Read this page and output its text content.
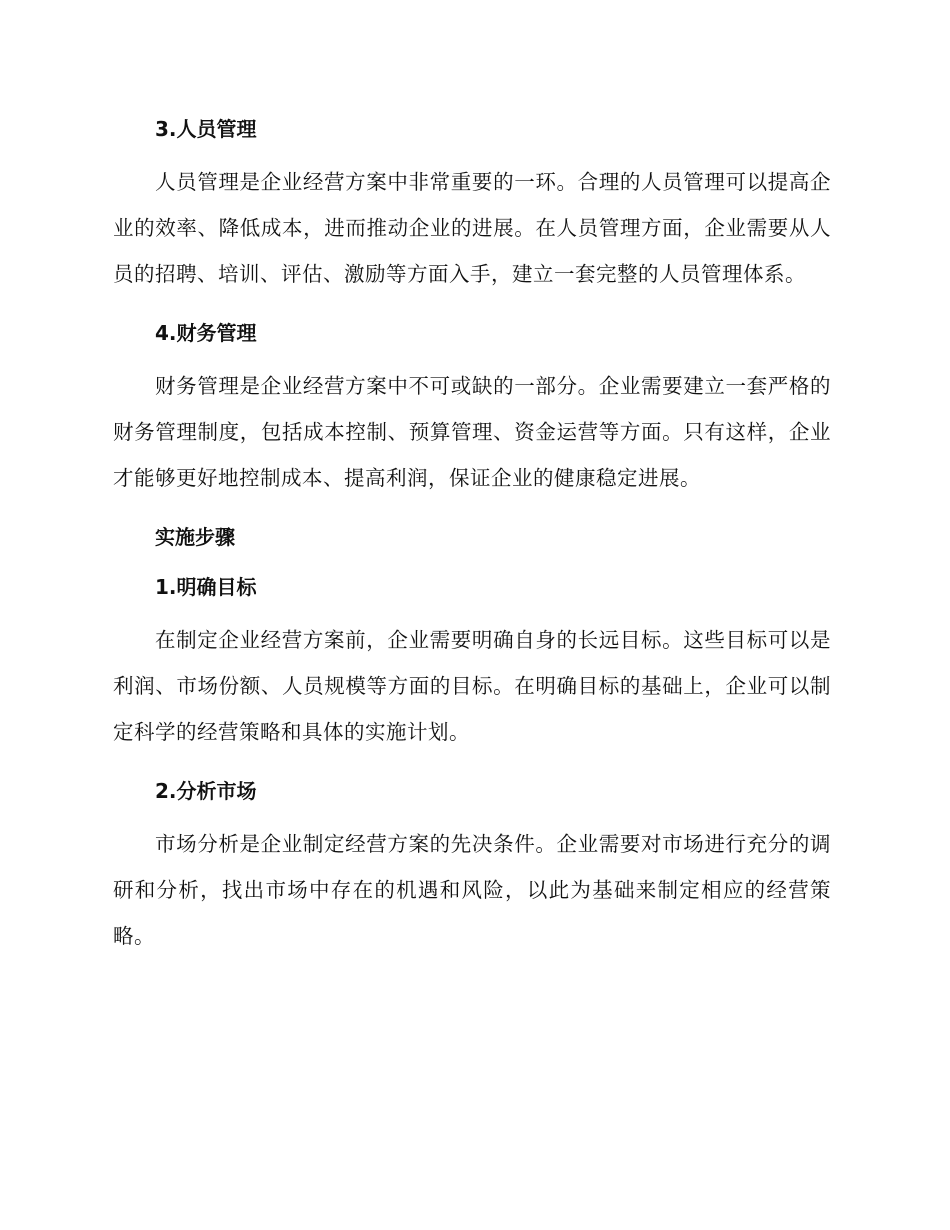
3.人员管理

人员管理是企业经营方案中非常重要的一环。合理的人员管理可以提高企业的效率、降低成本，进而推动企业的进展。在人员管理方面，企业需要从人员的招聘、培训、评估、激励等方面入手，建立一套完整的人员管理体系。

4.财务管理

财务管理是企业经营方案中不可或缺的一部分。企业需要建立一套严格的财务管理制度，包括成本控制、预算管理、资金运营等方面。只有这样，企业才能够更好地控制成本、提高利润，保证企业的健康稳定进展。

实施步骤
1.明确目标

在制定企业经营方案前，企业需要明确自身的长远目标。这些目标可以是利润、市场份额、人员规模等方面的目标。在明确目标的基础上，企业可以制定科学的经营策略和具体的实施计划。

2.分析市场

市场分析是企业制定经营方案的先决条件。企业需要对市场进行充分的调研和分析，找出市场中存在的机遇和风险，以此为基础来制定相应的经营策略。
